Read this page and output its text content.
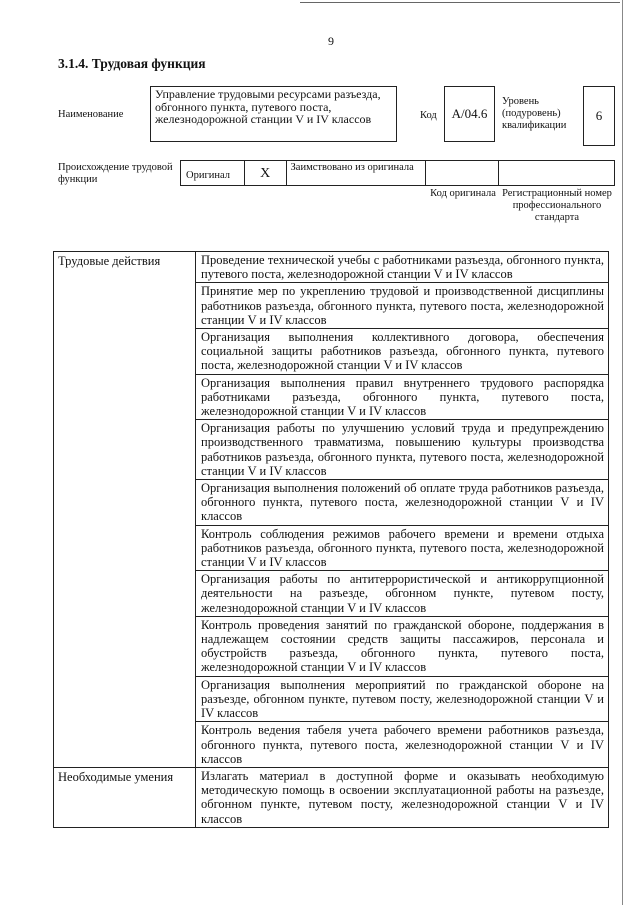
9
3.1.4. Трудовая функция
Наименование
Управление трудовыми ресурсами разъезда, обгонного пункта, путевого поста, железнодорожной станции V и IV классов	Код	А/04.6
Уровень (подуровень) квалификации
6
Происхождение трудовой функции	Оригинал	X	Заимствовано из оригинала
Код оригинала Регистрационный номер профессионального стандарта
Трудовые действия	Проведение технической учебы с работниками разъезда, обгонного пункта, путевого поста, железнодорожной станции V и IV классов
	Принятие мер по укреплению трудовой и производственной дисциплины работников разъезда, обгонного пункта, путевого поста, железнодорожной станции V и IV классов
	Организация выполнения коллективного договора, обеспечения социальной защиты работников разъезда, обгонного пункта, путевого поста, железнодорожной станции V и IV классов
	Организация выполнения правил внутреннего трудового распорядка работниками разъезда, обгонного пункта, путевого поста, железнодорожной станции V и IV классов
	Организация работы по улучшению условий труда и предупреждению производственного травматизма, повышению культуры производства работников разъезда, обгонного пункта, путевого поста, железнодорожной станции V и IV классов
	Организация выполнения положений об оплате труда работников разъезда, обгонного пункта, путевого поста, железнодорожной станции V и IV классов
	Контроль соблюдения режимов рабочего времени и времени отдыха работников разъезда, обгонного пункта, путевого поста, железнодорожной станции V и IV классов
	Организация работы по антитеррористической и антикоррупционной деятельности на разъезде, обгонном пункте, путевом посту, железнодорожной станции V и IV классов
	Контроль проведения занятий по гражданской обороне, поддержания в надлежащем состоянии средств защиты пассажиров, персонала и обустройств разъезда, обгонного пункта, путевого поста, железнодорожной станции V и IV классов
	Организация выполнения мероприятий по гражданской обороне на разъезде, обгонном пункте, путевом посту, железнодорожной станции V и IV классов
	Контроль ведения табеля учета рабочего времени работников разъезда, обгонного пункта, путевого поста, железнодорожной станции V и IV классов
Необходимые умения	Излагать материал в доступной форме и оказывать необходимую методическую помощь в освоении эксплуатационной работы на разъезде, обгонном пункте, путевом посту, железнодорожной станции V и IV классов
